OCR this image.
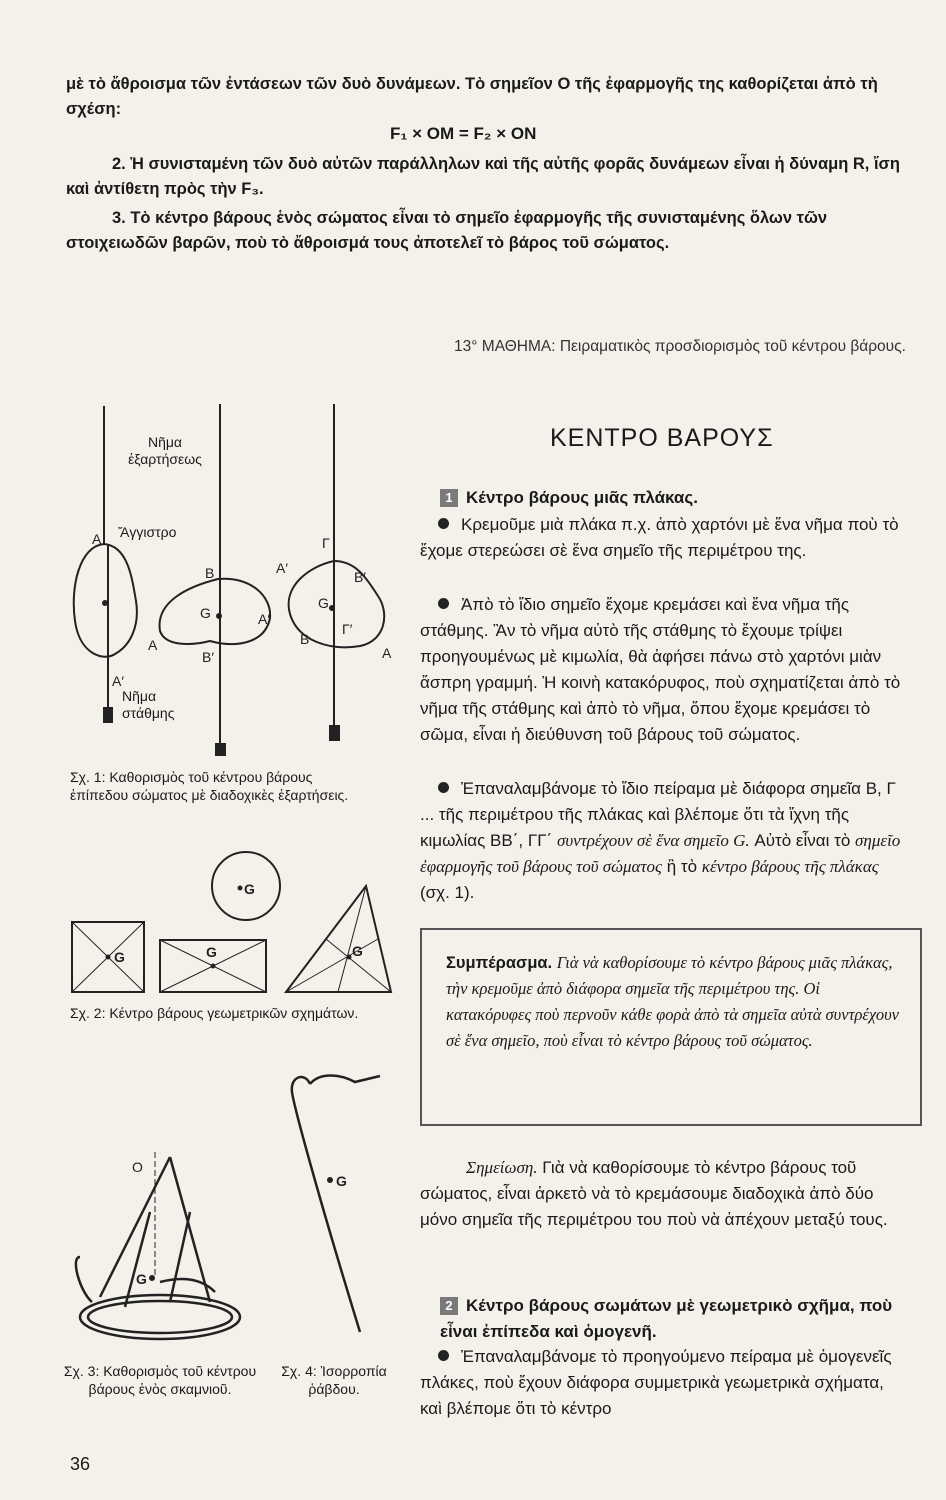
μὲ τὸ ἄθροισμα τῶν ἐντάσεων τῶν δυὸ δυνάμεων. Τὸ σημεῖον Ο τῆς ἐφαρμογῆς της καθορίζεται ἀπὸ τὴ σχέση:
F₁ × OM = F₂ × ON
2. Ἡ συνισταμένη τῶν δυὸ αὐτῶν παράλληλων καὶ τῆς αὐτῆς φορᾶς δυνάμεων εἶναι ἡ δύναμη R, ἴση καὶ ἀντίθετη πρὸς τὴν F₃.
3. Τὸ κέντρο βάρους ἑνὸς σώματος εἶναι τὸ σημεῖο ἐφαρμογῆς τῆς συνισταμένης ὅλων τῶν στοιχειωδῶν βαρῶν, ποὺ τὸ ἄθροισμά τους ἀποτελεῖ τὸ βάρος τοῦ σώματος.
13° ΜΑΘΗΜΑ: Πειραματικὸς προσδιορισμὸς τοῦ κέντρου βάρους.
ΚΕΝΤΡΟ ΒΑΡΟΥΣ
1 Κέντρο βάρους μιᾶς πλάκας.
Κρεμοῦμε μιὰ πλάκα π.χ. ἀπὸ χαρτόνι μὲ ἕνα νῆμα ποὺ τὸ ἔχομε στερεώσει σὲ ἕνα σημεῖο τῆς περιμέτρου της.
Ἀπὸ τὸ ἴδιο σημεῖο ἔχομε κρεμάσει καὶ ἕνα νῆμα τῆς στάθμης. Ἂν τὸ νῆμα αὐτὸ τῆς στάθμης τὸ ἔχουμε τρίψει προηγουμένως μὲ κιμωλία, θὰ ἀφήσει πάνω στὸ χαρτόνι μιὰν ἄσπρη γραμμή. Ἡ κοινὴ κατακόρυφος, ποὺ σχηματίζεται ἀπὸ τὸ νῆμα τῆς στάθμης καὶ ἀπὸ τὸ νῆμα, ὅπου ἔχομε κρεμάσει τὸ σῶμα, εἶναι ἡ διεύθυνση τοῦ βάρους τοῦ σώματος.
Ἐπαναλαμβάνομε τὸ ἴδιο πείραμα μὲ διάφορα σημεῖα Β, Γ ... τῆς περιμέτρου τῆς πλάκας καὶ βλέπομε ὅτι τὰ ἴχνη τῆς κιμωλίας ΒΒ΄, ΓΓ΄ συντρέχουν σὲ ἕνα σημεῖο G. Αὐτὸ εἶναι τὸ σημεῖο ἐφαρμογῆς τοῦ βάρους τοῦ σώματος ἢ τὸ κέντρο βάρους τῆς πλάκας (σχ. 1).
Συμπέρασμα. Γιὰ νὰ καθορίσουμε τὸ κέντρο βάρους μιᾶς πλάκας, τὴν κρεμοῦμε ἀπὸ διάφορα σημεῖα τῆς περιμέτρου της. Οἱ κατακόρυφες ποὺ περνοῦν κάθε φορὰ ἀπὸ τὰ σημεῖα αὐτὰ συντρέχουν σὲ ἕνα σημεῖο, ποὺ εἶναι τὸ κέντρο βάρους τοῦ σώματος.
Σημείωση. Γιὰ νὰ καθορίσουμε τὸ κέντρο βάρους τοῦ σώματος, εἶναι ἀρκετὸ νὰ τὸ κρεμάσουμε διαδοχικὰ ἀπὸ δύο μόνο σημεῖα τῆς περιμέτρου του ποὺ νὰ ἀπέχουν μεταξύ τους.
2 Κέντρο βάρους σωμάτων μὲ γεωμετρικὸ σχῆμα, ποὺ εἶναι ἐπίπεδα καὶ ὁμογενῆ.
Ἐπαναλαμβάνομε τὸ προηγούμενο πείραμα μὲ ὁμογενεῖς πλάκες, ποὺ ἔχουν διάφορα συμμετρικὰ γεωμετρικὰ σχήματα, καὶ βλέπομε ὅτι τὸ κέντρο
A
A′
B
B′
A
A′
G
A′
Γ
B′
G
B
Γ′
A
Νῆμα ἐξαρτήσεως
Ἄγγιστρο
Νῆμα στάθμης
Σχ. 1: Καθορισμὸς τοῦ κέντρου βάρους ἐπίπεδου σώματος μὲ διαδοχικὲς ἐξαρτήσεις.
G
G	G	G
Σχ. 2: Κέντρο βάρους γεωμετρικῶν σχημάτων.
O
G
G
Σχ. 3: Καθορισμὸς τοῦ κέντρου βάρους ἑνὸς σκαμνιοῦ.
Σχ. 4: Ἰσορροπία ῥάβδου.
36
